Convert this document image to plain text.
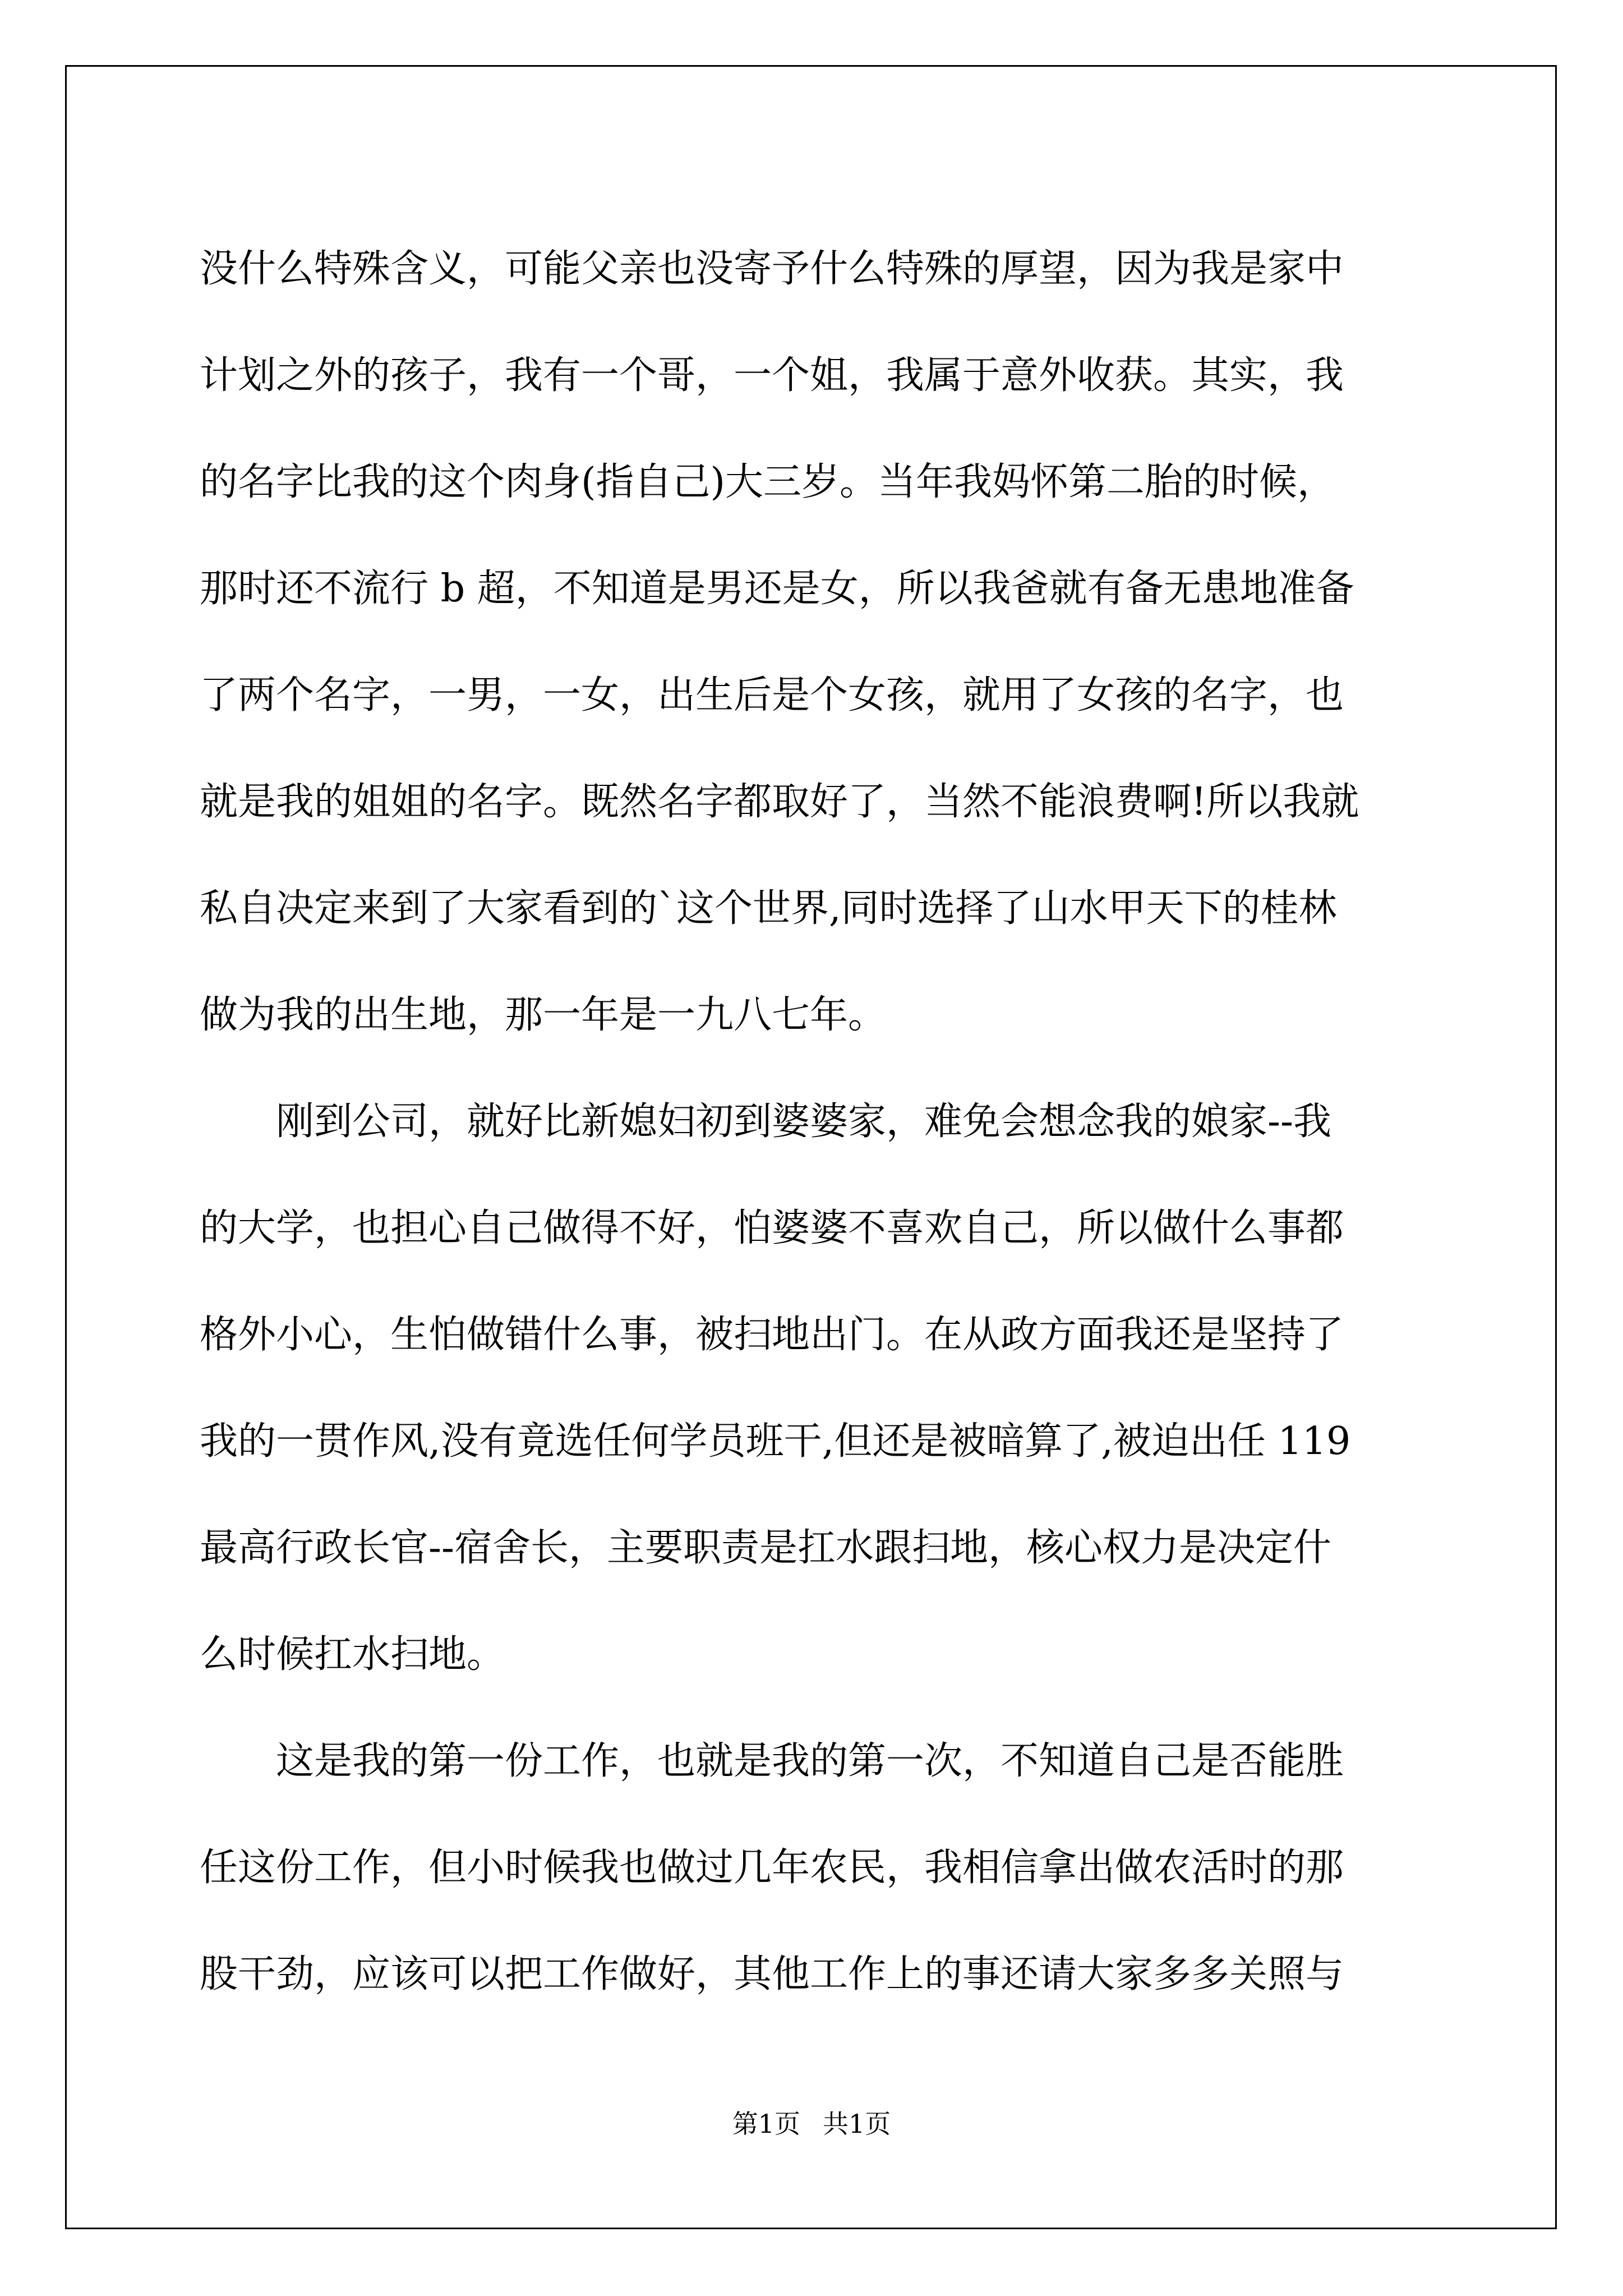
没什么特殊含义，可能父亲也没寄予什么特殊的厚望，因为我是家中
计划之外的孩子，我有一个哥，一个姐，我属于意外收获。其实，我
的名字比我的这个肉身(指自己)大三岁。当年我妈怀第二胎的时候，
那时还不流行 b 超，不知道是男还是女，所以我爸就有备无患地准备
了两个名字，一男，一女，出生后是个女孩，就用了女孩的名字，也
就是我的姐姐的名字。既然名字都取好了，当然不能浪费啊!所以我就
私自决定来到了大家看到的`这个世界,同时选择了山水甲天下的桂林
做为我的出生地，那一年是一九八七年。
　　刚到公司，就好比新媳妇初到婆婆家，难免会想念我的娘家--我
的大学，也担心自己做得不好，怕婆婆不喜欢自己，所以做什么事都
格外小心，生怕做错什么事，被扫地出门。在从政方面我还是坚持了
我的一贯作风,没有竟选任何学员班干,但还是被暗算了,被迫出任 119
最高行政长官--宿舍长，主要职责是扛水跟扫地，核心权力是决定什
么时候扛水扫地。
　　这是我的第一份工作，也就是我的第一次，不知道自己是否能胜
任这份工作，但小时候我也做过几年农民，我相信拿出做农活时的那
股干劲，应该可以把工作做好，其他工作上的事还请大家多多关照与
第1页 共1页
